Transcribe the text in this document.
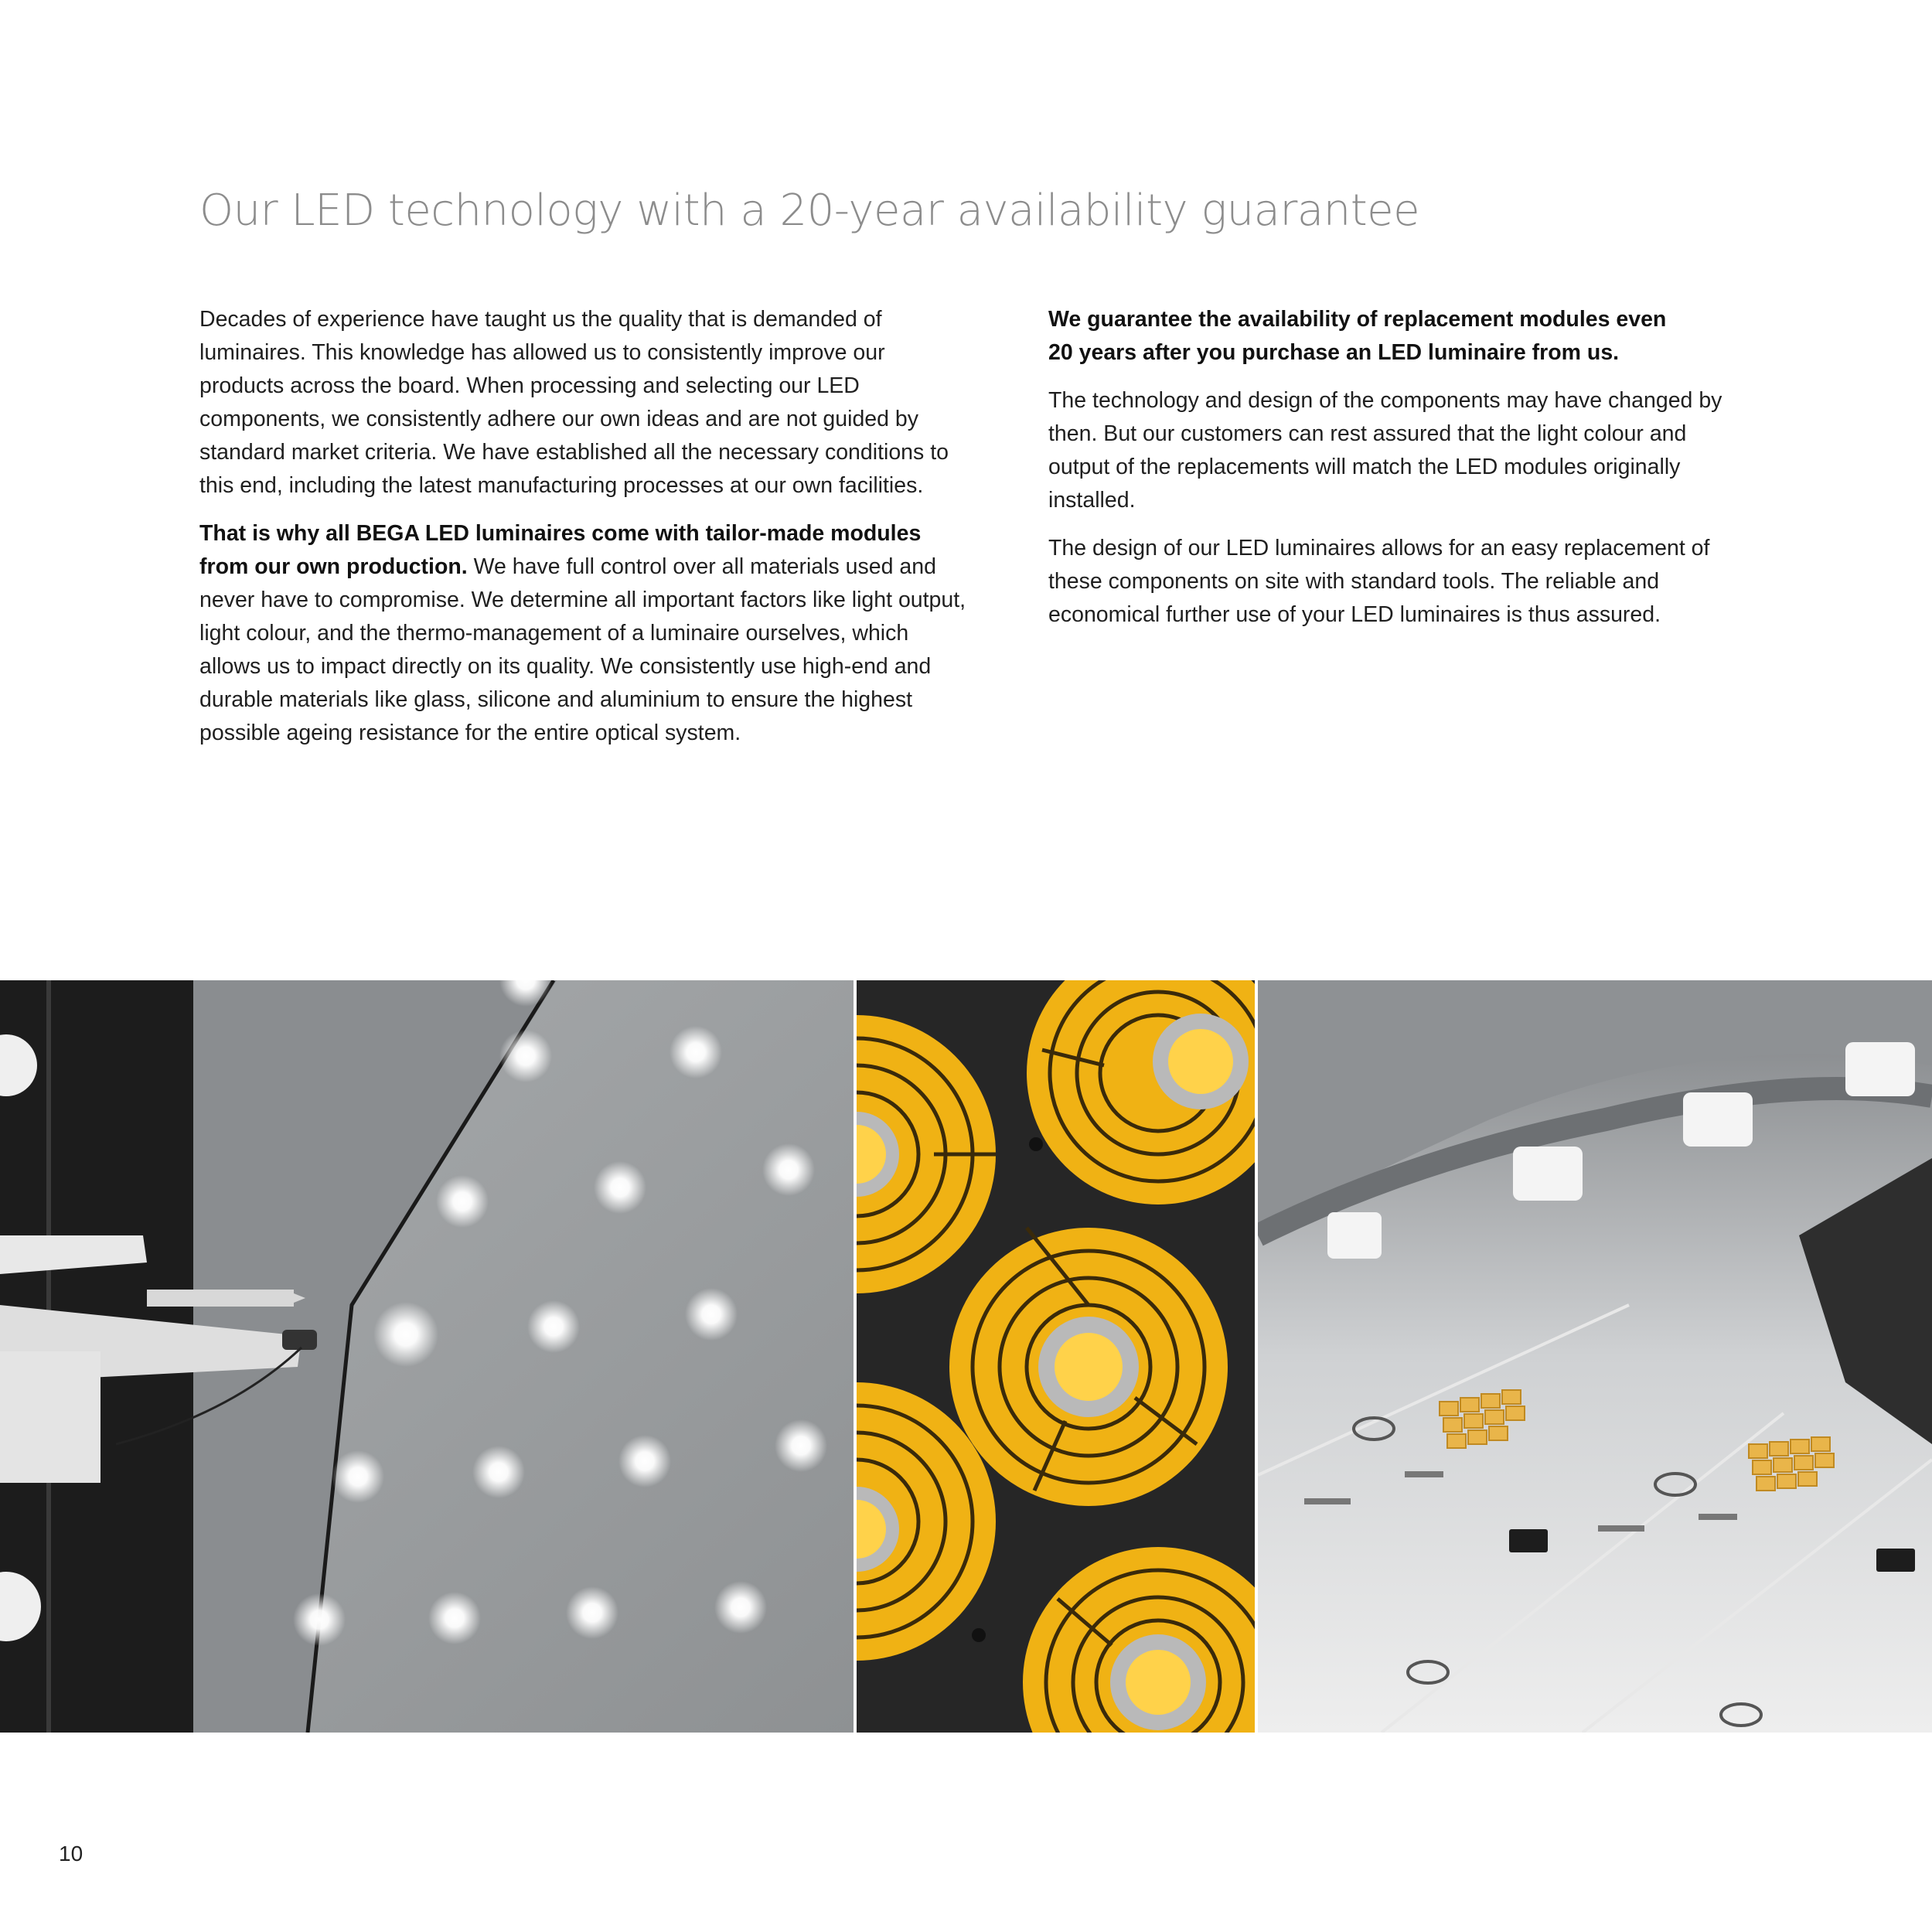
Our LED technology with a 20-year availability guarantee

Decades of experience have taught us the quality that is demanded of luminaires. This knowledge has allowed us to consistently improve our products across the board. When processing and selecting our LED components, we consistently adhere our own ideas and are not guided by standard market criteria. We have established all the necessary conditions to this end, including the latest manufacturing processes at our own facilities.

That is why all BEGA LED luminaires come with tailor-made modules from our own production. We have full control over all materials used and never have to compromise. We determine all important factors like light output, light colour, and the thermo-management of a luminaire ourselves, which allows us to impact directly on its quality. We consistently use high-end and durable materials like glass, silicone and aluminium to ensure the highest possible ageing resistance for the entire optical system.

We guarantee the availability of replacement modules even
20 years after you purchase an LED luminaire from us.

The technology and design of the components may have changed by then. But our customers can rest assured that the light colour and output of the replacements will match the LED modules originally installed.

The design of our LED luminaires allows for an easy replacement of these components on site with standard tools. The reliable and economical further use of your LED luminaires is thus assured.

10
